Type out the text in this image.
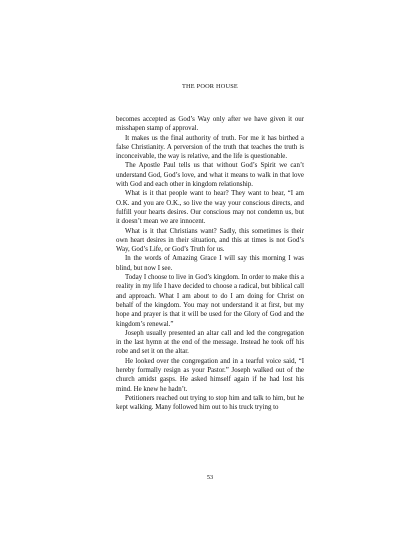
THE POOR HOUSE

becomes accepted as God’s Way only after we have given it our misshapen stamp of approval.

It makes us the final authority of truth. For me it has birthed a false Christianity. A perversion of the truth that teaches the truth is inconceivable, the way is relative, and the life is questionable.

The Apostle Paul tells us that without God’s Spirit we can’t understand God, God’s love, and what it means to walk in that love with God and each other in kingdom relationship.

What is it that people want to hear? They want to hear, “I am O.K. and you are O.K., so live the way your conscious directs, and fulfill your hearts desires. Our conscious may not condemn us, but it doesn’t mean we are innocent.

What is it that Christians want? Sadly, this sometimes is their own heart desires in their situation, and this at times is not God’s Way, God’s Life, or God’s Truth for us.

In the words of Amazing Grace I will say this morning I was blind, but now I see.

Today I choose to live in God’s kingdom. In order to make this a reality in my life I have decided to choose a radical, but biblical call and approach. What I am about to do I am doing for Christ on behalf of the kingdom. You may not understand it at first, but my hope and prayer is that it will be used for the Glory of God and the kingdom’s renewal.”

Joseph usually presented an altar call and led the congregation in the last hymn at the end of the message. Instead he took off his robe and set it on the altar.

He looked over the congregation and in a tearful voice said, “I hereby formally resign as your Pastor.” Joseph walked out of the church amidst gasps. He asked himself again if he had lost his mind. He knew he hadn’t.

Petitioners reached out trying to stop him and talk to him, but he kept walking. Many followed him out to his truck trying to

53
